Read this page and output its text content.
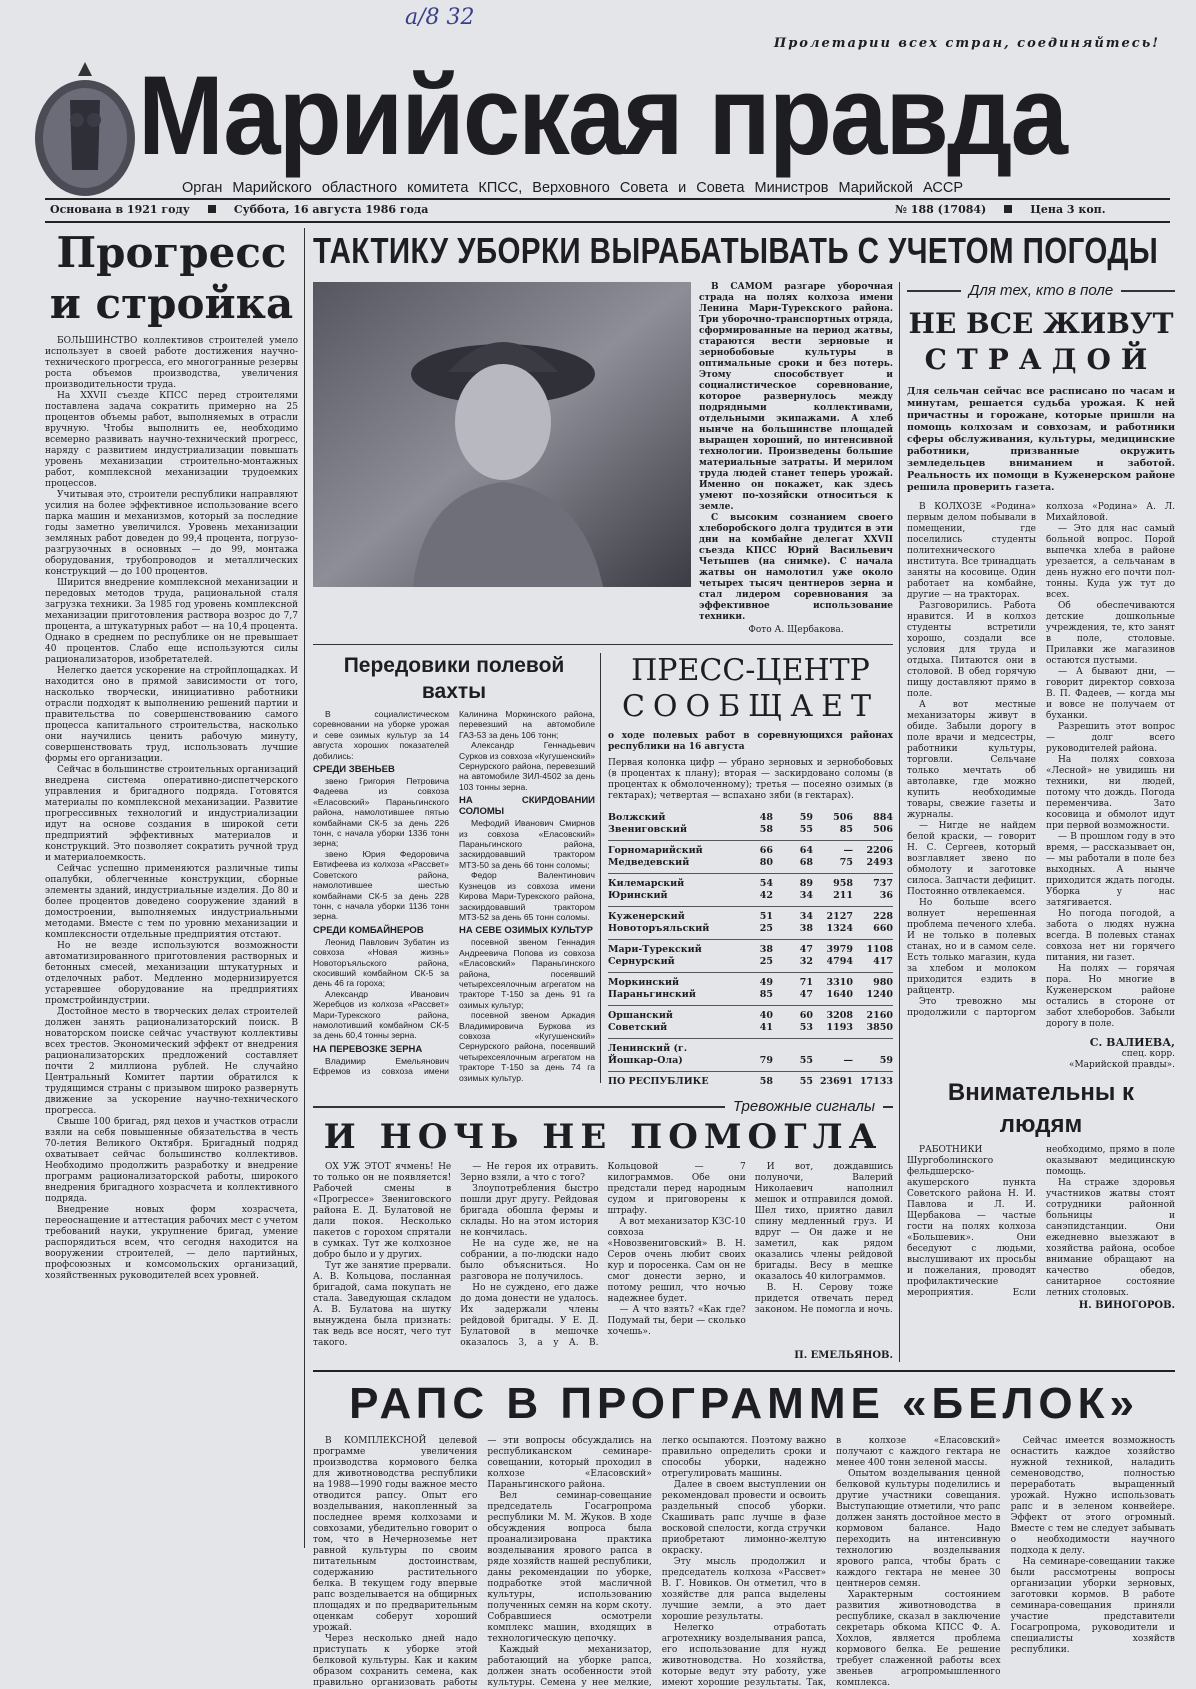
а/8 32
Пролетарии всех стран, соединяйтесь!
Марийская правда
Орган Марийского областного комитета КПСС, Верховного Совета и Совета Министров Марийской АССР
Основана в 1921 году	Суббота, 16 августа 1986 года	№ 188 (17084)	Цена 3 коп.
Прогресс
и стройка

БОЛЬШИНСТВО коллективов строителей умело использует в своей работе достижения научно-технического прогресса, его многогранные резервы роста объемов производства, увеличения производительности труда.

На XXVII съезде КПСС перед строителями поставлена задача сократить примерно на 25 процентов объемы работ, выполняемых в отрасли вручную. Чтобы выполнить ее, необходимо всемерно развивать научно-технический прогресс, наряду с развитием индустриализации повышать уровень механизации строительно-монтажных работ, комплексной механизации трудоемких процессов.

Учитывая это, строители республики направляют усилия на более эффективное использование всего парка машин и механизмов, который за последние годы заметно увеличился. Уровень механизации земляных работ доведен до 99,4 процента, погрузо-разгрузочных в основных — до 99, монтажа оборудования, трубопроводов и металлических конструкций — до 100 процентов.

Ширится внедрение комплексной механизации и передовых методов труда, рациональной сталя загрузка техники. За 1985 год уровень комплексной механизации приготовления раствора возрос до 7,7 процента, а штукатурных работ — на 10,4 процента. Однако в среднем по республике он не превышает 40 процентов. Слабо еще используются силы рационализаторов, изобретателей.

Нелегко дается ускорение на стройплощадках. И находится оно в прямой зависимости от того, насколько творчески, инициативно работники отрасли подходят к выполнению решений партии и правительства по совершенствованию самого процесса капитального строительства, насколько они научились ценить рабочую минуту, совершенствовать труд, использовать лучшие формы его организации.

Сейчас в большинстве строительных организаций внедрена система оперативно-диспетчерского управления и бригадного подряда. Готовятся материалы по комплексной механизации. Развитие прогрессивных технологий и индустриализации идут на основе создания в широкой сети предприятий эффективных материалов и конструкций. Это позволяет сократить ручной труд и материалоемкость.

Сейчас успешно применяются различные типы опалубки, облегченные конструкции, сборные элементы зданий, индустриальные изделия. До 80 и более процентов доведено сооружение зданий в домостроении, выполняемых индустриальными методами. Вместе с тем по уровню механизации и комплексности отдельные предприятия отстают.

Но не везде используются возможности автоматизированного приготовления растворных и бетонных смесей, механизации штукатурных и отделочных работ. Медленно модернизируется устаревшее оборудование на предприятиях промстройиндустрии.

Достойное место в творческих делах строителей должен занять рационализаторский поиск. В новаторском поиске сейчас участвуют коллективы всех трестов. Экономический эффект от внедрения рационализаторских предложений составляет почти 2 миллиона рублей. Не случайно Центральный Комитет партии обратился к трудящимся страны с призывом широко развернуть движение за ускорение научно-технического прогресса.

Свыше 100 бригад, ряд цехов и участков отрасли взяли на себя повышенные обязательства в честь 70-летия Великого Октября. Бригадный подряд охватывает сейчас большинство коллективов. Необходимо продолжить разработку и внедрение программ рационализаторской работы, широкого внедрения бригадного хозрасчета и коллективного подряда.

Внедрение новых форм хозрасчета, переоснащение и аттестация рабочих мест с учетом требований науки, укрупнение бригад, умение распорядиться всем, что сегодня находится на вооружении строителей, — дело партийных, профсоюзных и комсомольских организаций, хозяйственных руководителей всех уровней.

ТАКТИКУ УБОРКИ ВЫРАБАТЫВАТЬ С УЧЕТОМ ПОГОДЫ

В САМОМ разгаре уборочная страда на полях колхоза имени Ленина Мари-Турекского района. Три уборочно-транспортных отряда, сформированные на период жатвы, стараются вести зерновые и зернобобовые культуры в оптимальные сроки и без потерь. Этому способствует и социалистическое соревнование, которое развернулось между подрядными коллективами, отдельными экипажами. А хлеб нынче на большинстве площадей выращен хороший, по интенсивной технологии. Произведены большие материальные затраты. И мерилом труда людей станет теперь урожай. Именно он покажет, как здесь умеют по-хозяйски относиться к земле.

С высоким сознанием своего хлеборобского долга трудится в эти дни на комбайне делегат XXVII съезда КПСС Юрий Васильевич Четышев (на снимке). С начала жатвы он намолотил уже около четырех тысяч центнеров зерна и стал лидером соревнования за эффективное использование техники.

Фото А. Щербакова.
Передовики полевой вахты

В социалистическом соревновании на уборке урожая и севе озимых культур за 14 августа хороших показателей добились:

СРЕДИ ЗВЕНЬЕВ

звено Григория Петровича Фадеева из совхоза «Еласовский» Параньгинского района, намолотившее пятью комбайнами СК-5 за день 226 тонн, с начала уборки 1336 тонн зерна;

звено Юрия Федоровича Евтифеева из колхоза «Рассвет» Советского района, намолотившее шестью комбайнами СК-5 за день 228 тонн, с начала уборки 1136 тонн зерна.

СРЕДИ КОМБАЙНЕРОВ

Леонид Павлович Зубатин из совхоза «Новая жизнь» Новоторъяльского района, скосивший комбайном СК-5 за день 46 га гороха;

Александр Иванович Жеребцов из колхоза «Рассвет» Мари-Турекского района, намолотивший комбайном СК-5 за день 60,4 тонны зерна.

НА ПЕРЕВОЗКЕ ЗЕРНА

Владимир Емельянович Ефремов из совхоза имени Калинина Моркинского района, перевезший на автомобиле ГАЗ-53 за день 106 тонн;

Александр Геннадьевич Сурков из совхоза «Кугушенский» Сернурского района, перевезший на автомобиле ЗИЛ-4502 за день 103 тонны зерна.

НА СКИРДОВАНИИ СОЛОМЫ

Мефодий Иванович Смирнов из совхоза «Еласовский» Параньгинского района, заскирдовавший трактором МТЗ-50 за день 66 тонн соломы;

Федор Валентинович Кузнецов из совхоза имени Кирова Мари-Турекского района, заскирдовавший трактором МТЗ-52 за день 65 тонн соломы.

НА СЕВЕ ОЗИМЫХ КУЛЬТУР

посевной звеном Геннадия Андреевича Попова из совхоза «Еласовский» Параньгинского района, посеявший четырехсеялочным агрегатом на тракторе Т-150 за день 91 га озимых культур;

посевной звеном Аркадия Владимировича Буркова из совхоза «Кугушенский» Сернурского района, посеявший четырехсеялочным агрегатом на тракторе Т-150 за день 74 га озимых культур.

ПРЕСС-ЦЕНТР
СООБЩАЕТ
о ходе полевых работ в соревнующихся районах республики на 16 августа
Первая колонка цифр — убрано зерновых и зернобобовых (в процентах к плану); вторая — заскирдовано соломы (в процентах к обмолоченному); третья — посеяно озимых (в гектарах); четвертая — вспахано зяби (в гектарах).
Волжский	48	59	506	884
Звениговский	58	55	85	506
Горномарийский	66	64	—	2206
Медведевский	80	68	75	2493
Килемарский	54	89	958	737
Юринский	42	34	211	36
Куженерский	51	34	2127	228
Новоторъяльский	25	38	1324	660
Мари-Турекский	38	47	3979	1108
Сернурский	25	32	4794	417
Моркинский	49	71	3310	980
Параньгинский	85	47	1640	1240
Оршанский	40	60	3208	2160
Советский	41	53	1193	3850
Ленинский (г. Йошкар-Ола)	79	55	—	59
ПО РЕСПУБЛИКЕ	58	55	23691	17133
Тревожные сигналы
И НОЧЬ НЕ ПОМОГЛА

ОХ УЖ ЭТОТ ячмень! Не то только он не появляется! Рабочей смены в «Прогрессе» Звениговского района Е. Д. Булатовой не дали покоя. Несколько пакетов с горохом спрятали в сумках. Тут же колхозное добро было и у других.

Тут же занятие прервали. А. В. Кольцова, посланная бригадой, сама покупать не стала. Заведующая складом А. В. Булатова на шутку вынуждена была признать: так ведь все носят, чего тут такого.

— Не героя их отравить. Зерно взяли, а что с того?

Злоупотребления быстро пошли друг другу. Рейдовая бригада обошла фермы и склады. Но на этом история не кончилась.

Не на суде же, не на собрании, а по-людски надо было объясниться. Но разговора не получилось.

Но не суждено, его даже до дома донести не удалось. Их задержали члены рейдовой бригады. У Е. Д. Булатовой в мешочке оказалось 3, а у А. В. Кольцовой — 7 килограммов. Обе они предстали перед народным судом и приговорены к штрафу.

А вот механизатор КЗС-10 совхоза «Новозвениговский» В. Н. Серов очень любит своих кур и поросенка. Сам он не смог донести зерно, и потому решил, что ночью надежнее будет.

— А что взять? «Как где? Подумай ты, бери — сколько хочешь».

И вот, дождавшись полуночи, Валерий Николаевич наполнил мешок и отправился домой. Шел тихо, приятно давил спину медленный груз. И вдруг — Он даже и не заметил, как рядом оказались члены рейдовой бригады. Весу в мешке оказалось 40 килограммов.

В. Н. Серову тоже придется отвечать перед законом. Не помогла и ночь.

П. ЕМЕЛЬЯНОВ.
Для тех, кто в поле
НЕ ВСЕ ЖИВУТ
СТРАДОЙ
Для сельчан сейчас все расписано по часам и минутам, решается судьба урожая. К ней причастны и горожане, которые пришли на помощь колхозам и совхозам, и работники сферы обслуживания, культуры, медицинские работники, призванные окружить земледельцев вниманием и заботой. Реальность их помощи в Куженерском районе решила проверить газета.

В КОЛХОЗЕ «Родина» первым делом побывали в помещении, где поселились студенты политехнического института. Все тринадцать заняты на косовице. Один работает на комбайне, другие — на тракторах.

Разговорились. Работа нравится. И в колхоз студенты встретили хорошо, создали все условия для труда и отдыха. Питаются они в столовой. В обед горячую пищу доставляют прямо в поле.

А вот местные механизаторы живут в обиде. Забыли дорогу в поле врачи и медсестры, работники культуры, торговли. Сельчане только мечтать об автолавке, где можно купить необходимые товары, свежие газеты и журналы.

— Нигде не найдем белой краски, — говорит Н. С. Сергеев, который возглавляет звено по обмолоту и заготовке силоса. Запчасти дефицит. Постоянно отвлекаемся.

Но больше всего волнует нерешенная проблема печеного хлеба. И не только в полевых станах, но и в самом селе. Есть только магазин, куда за хлебом и молоком приходится ездить в райцентр.

Это тревожно мы продолжили с парторгом колхоза «Родина» А. Л. Михайловой.

— Это для нас самый больной вопрос. Порой выпечка хлеба в районе урезается, а сельчанам в день нужно его почти пол-тонны. Куда уж тут до всех.

Об обеспечиваются детские дошкольные учреждения, те, кто занят в поле, столовые. Прилавки же магазинов остаются пустыми.

— А бывают дни, — говорит директор совхоза В. П. Фадеев, — когда мы и вовсе не получаем от буханки.

Разрешить этот вопрос — долг всего руководителей района.

На полях совхоза «Лесной» не увидишь ни техники, ни людей, потому что дождь. Погода переменчива. Зато косовица и обмолот идут при первой возможности.

— В прошлом году в это время, — рассказывает он, — мы работали в поле без выходных. А нынче приходится ждать погоды. Уборка у нас затягивается.

Но погода погодой, а забота о людях нужна всегда. В полевых станах совхоза нет ни горячего питания, ни газет.

На полях — горячая пора. Но многие в Куженерском районе остались в стороне от забот хлеборобов. Забыли дорогу в поле.

С. ВАЛИЕВА,
спец. корр.
«Марийской правды».
Внимательны к людям

РАБОТНИКИ Шургоболинского фельдшерско-акушерского пункта Советского района Н. И. Павлова и Л. И. Щербакова — частые гости на полях колхоза «Большевик». Они беседуют с людьми, выслушивают их просьбы и пожелания, проводят профилактические мероприятия. Если необходимо, прямо в поле оказывают медицинскую помощь.

На страже здоровья участников жатвы стоят сотрудники районной больницы и санэпидстанции. Они ежедневно выезжают в хозяйства района, особое внимание обращают на качество обедов, санитарное состояние летних столовых.

Н. ВИНОГОРОВ.
РАПС В ПРОГРАММЕ «БЕЛОК»

В КОМПЛЕКСНОЙ целевой программе увеличения производства кормового белка для животноводства республики на 1988—1990 годы важное место отводится рапсу. Опыт его возделывания, накопленный за последнее время колхозами и совхозами, убедительно говорит о том, что в Нечерноземье нет равной культуры по своим питательным достоинствам, содержанию растительного белка. В текущем году впервые рапс возделывается на общирных площадях и по предварительным оценкам соберут хороший урожай.

Через несколько дней надо приступать к уборке этой белковой культуры. Как и каким образом сохранить семена, как правильно организовать работы — эти вопросы обсуждались на республиканском семинаре-совещании, который проходил в колхозе «Еласовский» Параньгинского района.

Вел семинар-совещание председатель Госагропрома республики М. М. Жуков. В ходе обсуждения вопроса была проанализирована практика возделывания ярового рапса в ряде хозяйств нашей республики, даны рекомендации по уборке, подработке этой масличной культуры, использованию полученных семян на корм скоту. Собравшиеся осмотрели комплекс машин, входящих в технологическую цепочку.

Каждый механизатор, работающий на уборке рапса, должен знать особенности этой культуры. Семена у нее мелкие, легко осыпаются. Поэтому важно правильно определить сроки и способы уборки, надежно отрегулировать машины.

Далее в своем выступлении он рекомендовал провести и освоить раздельный способ уборки. Скашивать рапс лучше в фазе восковой спелости, когда стручки приобретают лимонно-желтую окраску.

Эту мысль продолжил и председатель колхоза «Рассвет» В. Г. Новиков. Он отметил, что в хозяйстве для рапса выделены лучшие земли, а это дает хорошие результаты.

Нелегко отработать агротехнику возделывания рапса, его использование для нужд животноводства. Но хозяйства, которые ведут эту работу, уже имеют хорошие результаты. Так, в колхозе «Еласовский» получают с каждого гектара не менее 400 тонн зеленой массы.

Опытом возделывания ценной белковой культуры поделились и другие участники совещания. Выступающие отметили, что рапс должен занять достойное место в кормовом балансе. Надо переходить на интенсивную технологию возделывания ярового рапса, чтобы брать с каждого гектара не менее 30 центнеров семян.

Характерным состоянием развития животноводства в республике, сказал в заключение секретарь обкома КПСС Ф. А. Хохлов, является проблема кормового белка. Ее решение требует слаженной работы всех звеньев агропромышленного комплекса.

Сейчас имеется возможность оснастить каждое хозяйство нужной техникой, наладить семеноводство, полностью переработать выращенный урожай. Нужно использовать рапс и в зеленом конвейере. Эффект от этого огромный. Вместе с тем не следует забывать о необходимости научного подхода к делу.

На семинаре-совещании также были рассмотрены вопросы организации уборки зерновых, заготовки кормов. В работе семинара-совещания приняли участие представители Госагропрома, руководители и специалисты хозяйств республики.
